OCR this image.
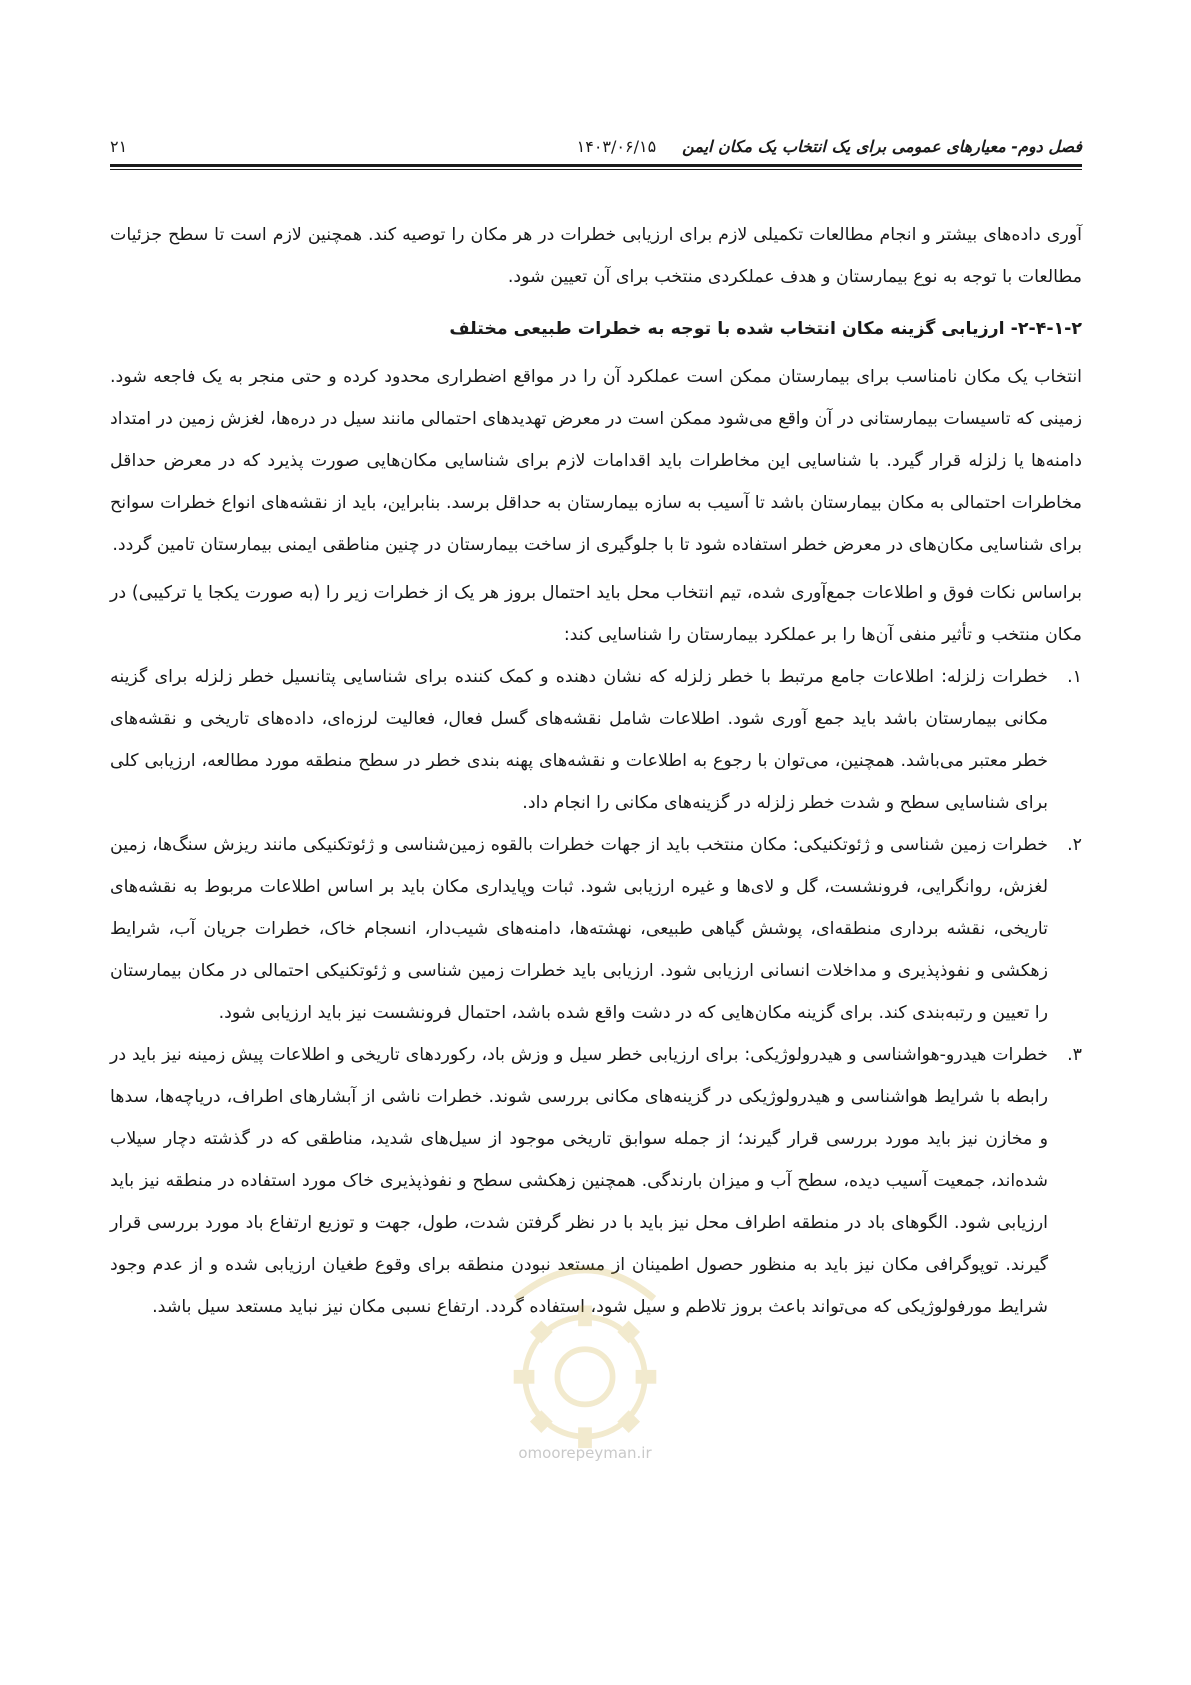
فصل دوم- معیارهای عمومی برای یک انتخاب یک مکان ایمن
۱۴۰۳/۰۶/۱۵
۲۱

آوری داده‌های بیشتر و انجام مطالعات تکمیلی لازم برای ارزیابی خطرات در هر مکان را توصیه کند. همچنین لازم است تا سطح جزئیات مطالعات با توجه به نوع بیمارستان و هدف عملکردی منتخب برای آن تعیین شود.

۲-۴-۱-۲- ارزیابی گزینه مکان انتخاب شده با توجه به خطرات طبیعی مختلف

انتخاب یک مکان نامناسب برای بیمارستان ممکن است عملکرد آن را در مواقع اضطراری محدود کرده و حتی منجر به یک فاجعه شود. زمینی که تاسیسات بیمارستانی در آن واقع می‌شود ممکن است در معرض تهدیدهای احتمالی مانند سیل در دره‌ها، لغزش زمین در امتداد دامنه‌ها یا زلزله قرار گیرد. با شناسایی این مخاطرات باید اقدامات لازم برای شناسایی مکان‌هایی صورت پذیرد که در معرض حداقل مخاطرات احتمالی به مکان بیمارستان باشد تا آسیب به سازه بیمارستان به حداقل برسد. بنابراین، باید از نقشه‌های انواع خطرات سوانح برای شناسایی مکان‌های در معرض خطر استفاده شود تا با جلوگیری از ساخت بیمارستان در چنین مناطقی ایمنی بیمارستان تامین گردد.

براساس نکات فوق و اطلاعات جمع‌آوری شده، تیم انتخاب محل باید احتمال بروز هر یک از خطرات زیر را (به صورت یکجا یا ترکیبی) در مکان منتخب و تأثیر منفی آن‌ها را بر عملکرد بیمارستان را شناسایی کند:

۱.
خطرات زلزله: اطلاعات جامع مرتبط با خطر زلزله که نشان دهنده و کمک کننده برای شناسایی پتانسیل خطر زلزله برای گزینه مکانی بیمارستان باشد باید جمع آوری شود. اطلاعات شامل نقشه‌های گسل فعال، فعالیت لرزه‌ای، داده‌های تاریخی و نقشه‌های خطر معتبر می‌باشد. همچنین، می‌توان با رجوع به اطلاعات و نقشه‌های پهنه بندی خطر در سطح منطقه مورد مطالعه، ارزیابی کلی برای شناسایی سطح و شدت خطر زلزله در گزینه‌های مکانی را انجام داد.
۲.
خطرات زمین شناسی و ژئوتکنیکی: مکان منتخب باید از جهات خطرات بالقوه زمین‌شناسی و ژئوتکنیکی مانند ریزش سنگ‌ها، زمین لغزش، روانگرایی، فرونشست، گل و لای‌ها و غیره ارزیابی شود. ثبات وپایداری مکان باید بر اساس اطلاعات مربوط به نقشه‌های تاریخی، نقشه برداری منطقه‌ای، پوشش گیاهی طبیعی، نهشته‌ها، دامنه‌های شیب‌دار، انسجام خاک، خطرات جریان آب، شرایط زهکشی و نفوذپذیری و مداخلات انسانی ارزیابی شود. ارزیابی باید خطرات زمین شناسی و ژئوتکنیکی احتمالی در مکان بیمارستان را تعیین و رتبه‌بندی کند. برای گزینه مکان‌هایی که در دشت واقع شده باشد، احتمال فرونشست نیز باید ارزیابی شود.
۳.
خطرات هیدرو-هواشناسی و هیدرولوژیکی: برای ارزیابی خطر سیل و وزش باد، رکوردهای تاریخی و اطلاعات پیش زمینه نیز باید در رابطه با شرایط هواشناسی و هیدرولوژیکی در گزینه‌های مکانی بررسی شوند. خطرات ناشی از آبشارهای اطراف، دریاچه‌ها، سدها و مخازن نیز باید مورد بررسی قرار گیرند؛ از جمله سوابق تاریخی موجود از سیل‌های شدید، مناطقی که در گذشته دچار سیلاب شده‌اند، جمعیت آسیب دیده، سطح آب و میزان بارندگی. همچنین زهکشی سطح و نفوذپذیری خاک مورد استفاده در منطقه نیز باید ارزیابی شود. الگوهای باد در منطقه اطراف محل نیز باید با در نظر گرفتن شدت، طول، جهت و توزیع ارتفاع باد مورد بررسی قرار گیرند. توپوگرافی مکان نیز باید به منظور حصول اطمینان از مستعد نبودن منطقه برای وقوع طغیان ارزیابی شده و از عدم وجود شرایط مورفولوژیکی که می‌تواند باعث بروز تلاطم و سیل شود، استفاده گردد. ارتفاع نسبی مکان نیز نباید مستعد سیل باشد.
omoorepeyman.ir
